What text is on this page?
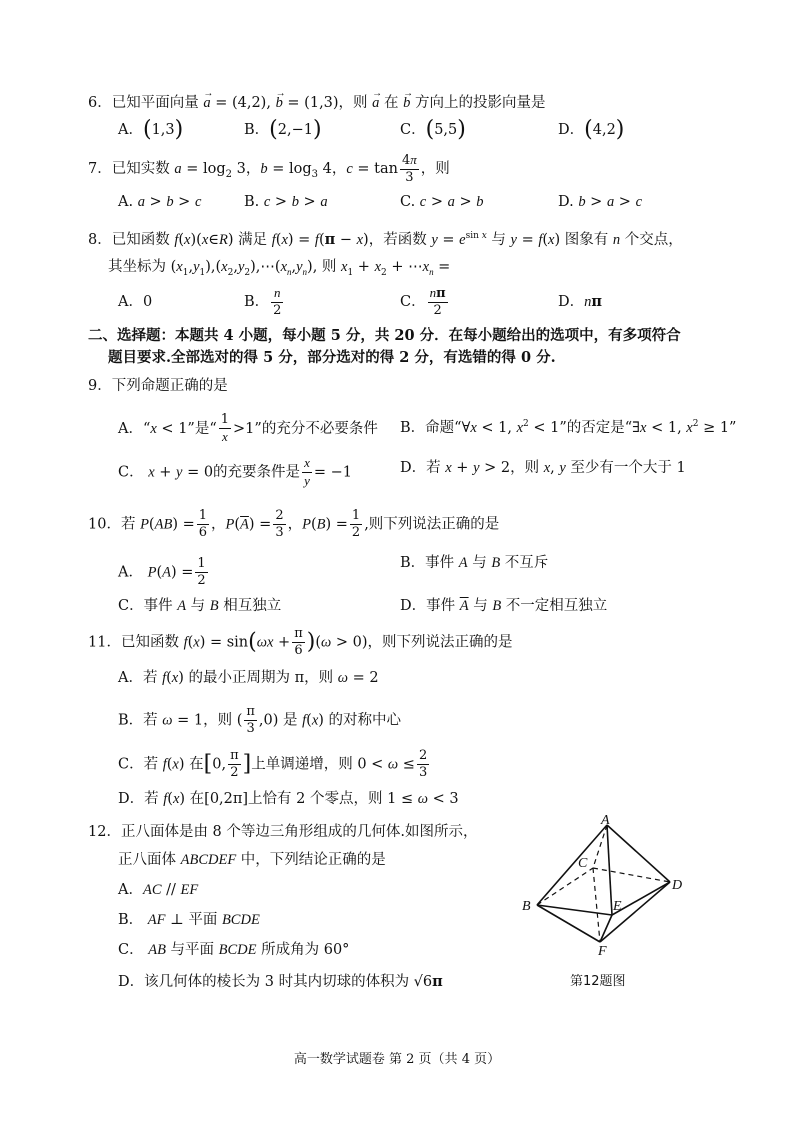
6．已知平面向量 → a = (4,2), → b = (1,3)，则 → a 在 → b 方向上的投影向量是
A．(1,3)	B．(2,−1)	C．(5,5)	D．(4,2)
7．已知实数 $a = \log_2 3$，$b = \log_3 4$，$c = \tan \frac{4\pi}{3}$ ，则
A. a > b > c	B. c > b > a	C. c > a > b	D. b > a > c
8．已知函数 f(x)(x∈R) 满足 f(x) = f(π − x)，若函数 $y = e^{sin x}$ 与 y = f(x) 图象有 n 个交点，
其坐标为 $(x_1,y_1),(x_2,y_2),\cdots(x_n,y_n)$, 则 $x_1 + x_2$ + $\cdots x_n$ =
A．0	B． $\frac{n}{2}$	C． $\frac{n\pi}{2}$	D．nπ
二、选择题：本题共 4 小题，每小题 5 分，共 20 分．在每小题给出的选项中，有多项符合
题目要求.全部选对的得 5 分，部分选对的得 2 分，有选错的得 0 分.
9．下列命题正确的是
A．“x < 1”是“ $\frac{1}{x} >1$”的充分不必要条件 B．命题“∀x < 1, $x^2 < 1$”的否定是“∃x < 1, $x^2 \ge 1$”
C． x + y = 0的充要条件是 $\frac{x}{y} = -1$	D．若 x + y > 2，则 x, y 至少有一个大于 1
10．若 $P(AB) = \frac{1}{6}$ ，$P(\overline{A}) = \frac{2}{3}$ ，$P(B) = \frac{1}{2}$ ,则下列说法正确的是
A． $P(A) = \frac{1}{2}$	B．事件 A 与 B 不互斥
C．事件 A 与 B 相互独立	D．事件 $\overline{A}$ 与 B 不一定相互独立
11．已知函数 $f(x) = \sin(\omega x + \frac{\pi}{6} )(\omega > 0)$，则下列说法正确的是
A．若 f(x) 的最小正周期为 π，则 ω = 2
B．若 ω = 1，则 ( $\frac{\pi}{3} ,0$) 是 f(x) 的对称中心
C．若 f(x) 在[0, $\frac{\pi}{2}$ ]上单调递增，则 $0 < \omega \le \frac{2}{3}$
D．若 f(x) 在[0,2π]上恰有 2 个零点，则 1 ≤ ω < 3
12．正八面体是由 8 个等边三角形组成的几何体.如图所示，
正八面体 ABCDEF 中，下列结论正确的是
A．AC // EF
B． AF ⊥ 平面 BCDE
C． AB 与平面 BCDE 所成角为 60°
D．该几何体的棱长为 3 时其内切球的体积为 √6π
A
B
C
D
E
F
第12题图
高一数学试题卷 第 2 页（共 4 页）
